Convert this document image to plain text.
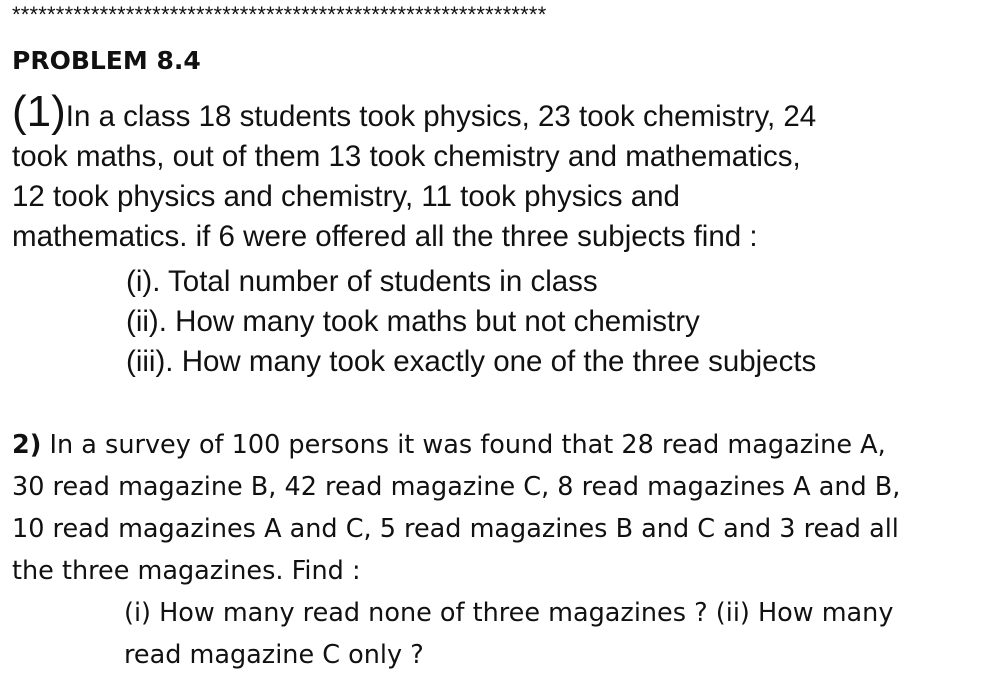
*************************************************************
PROBLEM 8.4
(1)In a class 18 students took physics, 23 took chemistry, 24
took maths, out of them 13 took chemistry and mathematics,
12 took physics and chemistry, 11 took physics and
mathematics. if 6 were offered all the three subjects find :
(i). Total number of students in class
(ii). How many took maths but not chemistry
(iii). How many took exactly one of the three subjects
2) In a survey of 100 persons it was found that 28 read magazine A,
30 read magazine B, 42 read magazine C, 8 read magazines A and B,
10 read magazines A and C, 5 read magazines B and C and 3 read all
the three magazines. Find :
(i) How many read none of three magazines ? (ii) How many
read magazine C only ?
